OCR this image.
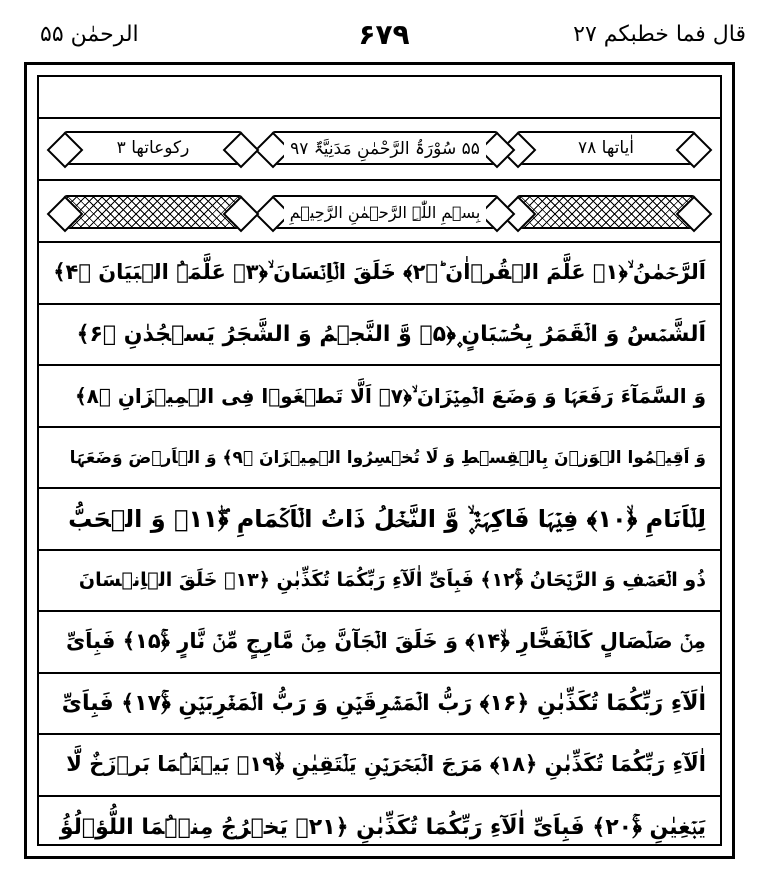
الرحمٰن ۵۵	۶۷۹	قال فما خطبکم ۲۷
اٰیاتھا ۷۸
۵۵ سُوْرَۃُ الرَّحْمٰنِ مَدَنِیَّۃٌ ۹۷
رکوعاتھا ۳
بِسۡمِ اللّٰہِ الرَّحۡمٰنِ الرَّحِیۡمِ
اَلرَّحۡمٰنُ ۙ﴿۱﴾ عَلَّمَ الۡقُرۡاٰنَ ؕ﴿۲﴾ خَلَقَ الۡاِنۡسَانَ ۙ﴿۳﴾ عَلَّمَہُ الۡبَیَانَ ﴿۴﴾
اَلشَّمۡسُ وَ الۡقَمَرُ بِحُسۡبَانٍ ۪﴿۵﴾ وَّ النَّجۡمُ وَ الشَّجَرُ یَسۡجُدٰنِ ﴿۶﴾
وَ السَّمَآءَ رَفَعَہَا وَ وَضَعَ الۡمِیۡزَانَ ۙ﴿۷﴾ اَلَّا تَطۡغَوۡا فِی الۡمِیۡزَانِ ﴿۸﴾
وَ اَقِیۡمُوا الۡوَزۡنَ بِالۡقِسۡطِ وَ لَا تُخۡسِرُوا الۡمِیۡزَانَ ﴿۹﴾ وَ الۡاَرۡضَ وَضَعَہَا
لِلۡاَنَامِ ﴿ۙ۱۰﴾ فِیۡہَا فَاکِہَۃٌ ۪ۙ وَّ النَّخۡلُ ذَاتُ الۡاَکۡمَامِ ﴿ۖ۱۱﴾ وَ الۡحَبُّ
ذُو الۡعَصۡفِ وَ الرَّیۡحَانُ ﴿ۚ۱۲﴾ فَبِاَیِّ اٰلَآءِ رَبِّکُمَا تُکَذِّبٰنِ ﴿۱۳﴾ خَلَقَ الۡاِنۡسَانَ
مِنۡ صَلۡصَالٍ کَالۡفَخَّارِ ﴿ۙ۱۴﴾ وَ خَلَقَ الۡجَآنَّ مِنۡ مَّارِجٍ مِّنۡ نَّارٍ ﴿ۚ۱۵﴾ فَبِاَیِّ
اٰلَآءِ رَبِّکُمَا تُکَذِّبٰنِ ﴿۱۶﴾ رَبُّ الۡمَشۡرِقَیۡنِ وَ رَبُّ الۡمَغۡرِبَیۡنِ ﴿ۚ۱۷﴾ فَبِاَیِّ
اٰلَآءِ رَبِّکُمَا تُکَذِّبٰنِ ﴿۱۸﴾ مَرَجَ الۡبَحۡرَیۡنِ یَلۡتَقِیٰنِ ﴿ۙ۱۹﴾ بَیۡنَہُمَا بَرۡزَخٌ لَّا
یَبۡغِیٰنِ ﴿ۚ۲۰﴾ فَبِاَیِّ اٰلَآءِ رَبِّکُمَا تُکَذِّبٰنِ ﴿۲۱﴾ یَخۡرُجُ مِنۡہُمَا اللُّؤۡلُؤُ
